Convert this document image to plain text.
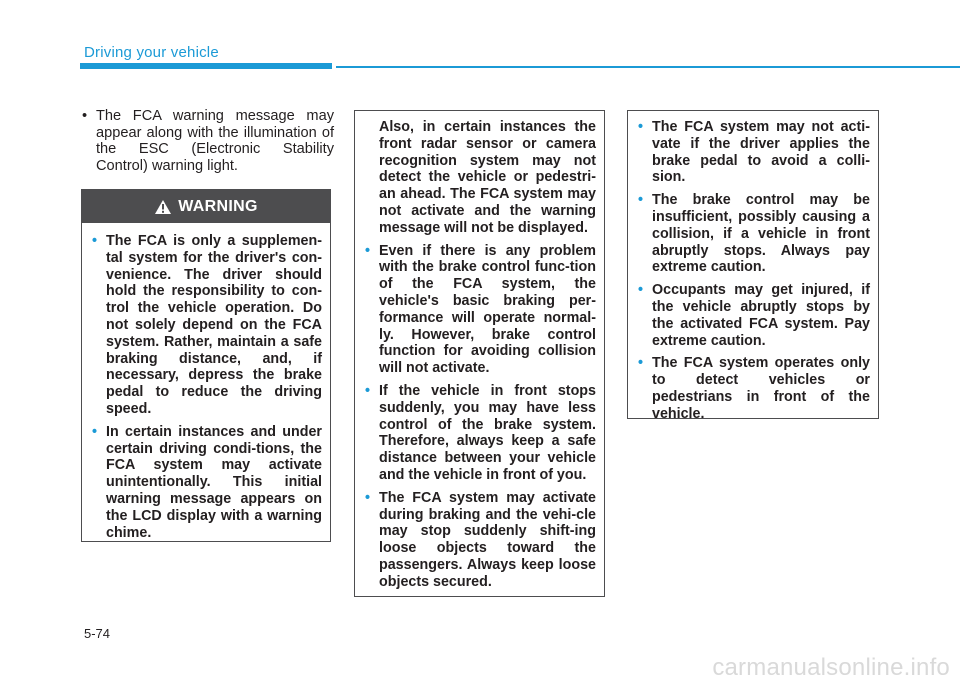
Driving your vehicle
• The FCA warning message may appear along with the illumination of the ESC (Electronic Stability Control) warning light.
WARNING
• The FCA is only a supplemen-tal system for the driver's con-venience. The driver should hold the responsibility to con-trol the vehicle operation. Do not solely depend on the FCA system. Rather, maintain a safe braking distance, and, if necessary, depress the brake pedal to reduce the driving speed.
• In certain instances and under certain driving condi-tions, the FCA system may activate unintentionally. This initial warning message appears on the LCD display with a warning chime.
Also, in certain instances the front radar sensor or camera recognition system may not detect the vehicle or pedestri-an ahead. The FCA system may not activate and the warning message will not be displayed.
• Even if there is any problem with the brake control func-tion of the FCA system, the vehicle's basic braking per-formance will operate normal-ly. However, brake control function for avoiding collision will not activate.
• If the vehicle in front stops suddenly, you may have less control of the brake system. Therefore, always keep a safe distance between your vehicle and the vehicle in front of you.
• The FCA system may activate during braking and the vehi-cle may stop suddenly shift-ing loose objects toward the passengers. Always keep loose objects secured.
• The FCA system may not acti-vate if the driver applies the brake pedal to avoid a colli-sion.
• The brake control may be insufficient, possibly causing a collision, if a vehicle in front abruptly stops. Always pay extreme caution.
• Occupants may get injured, if the vehicle abruptly stops by the activated FCA system. Pay extreme caution.
• The FCA system operates only to detect vehicles or pedestrians in front of the vehicle.
5-74
carmanualsonline.info
